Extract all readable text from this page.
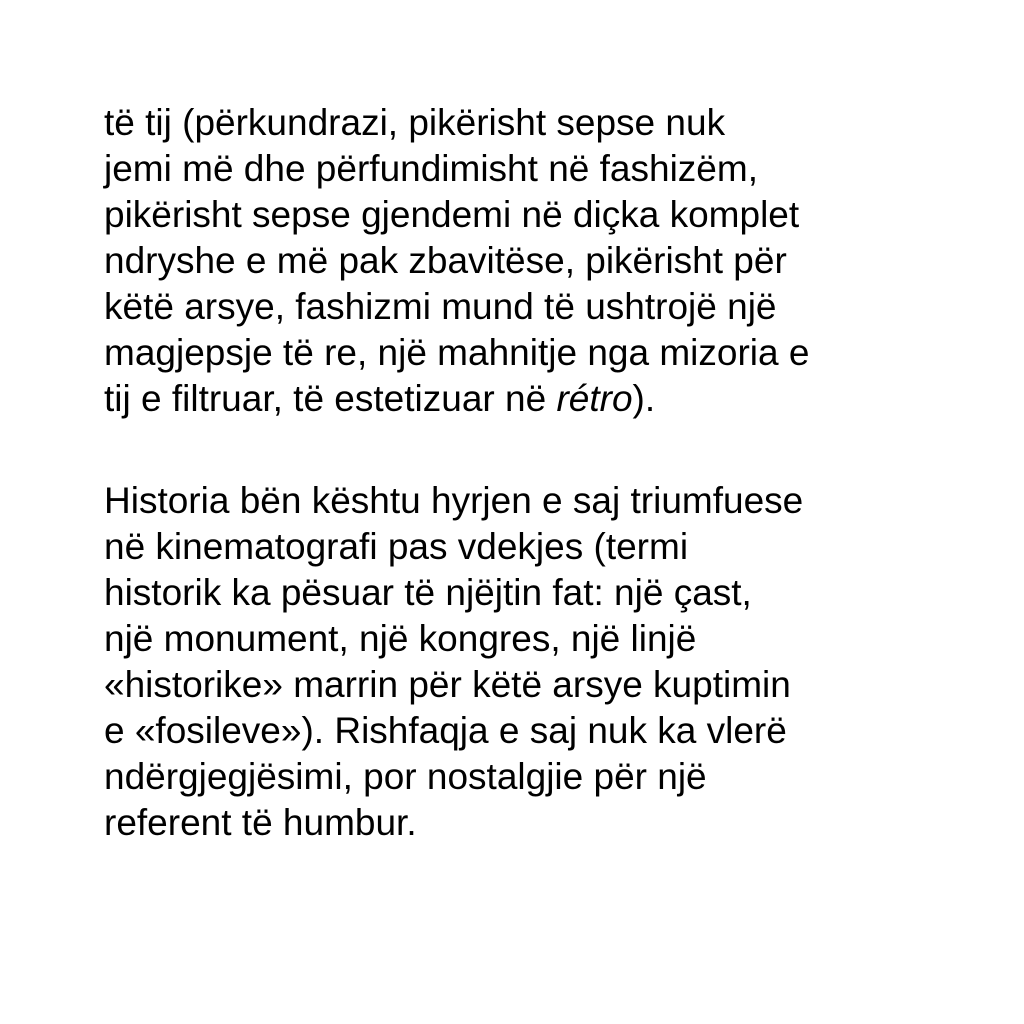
të tij (përkundrazi, pikërisht sepse nuk
jemi më dhe përfundimisht në fashizëm,
pikërisht sepse gjendemi në diçka komplet
ndryshe e më pak zbavitëse, pikërisht për
këtë arsye, fashizmi mund të ushtrojë një
magjepsje të re, një mahnitje nga mizoria e
tij e filtruar, të estetizuar në rétro).

Historia bën kështu hyrjen e saj triumfuese
në kinematografi pas vdekjes (termi
historik ka pësuar të njëjtin fat: një çast,
një monument, një kongres, një linjë
«historike» marrin për këtë arsye kuptimin
e «fosileve»). Rishfaqja e saj nuk ka vlerë
ndërgjegjësimi, por nostalgjie për një
referent të humbur.
